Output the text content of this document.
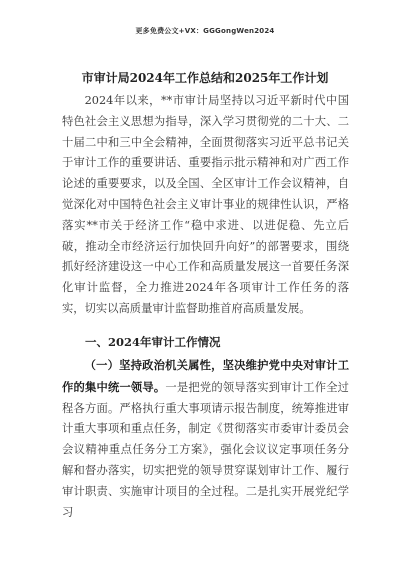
更多免费公文+VX：GGGongWen2024
市审计局2024年工作总结和2025年工作计划
2024年以来，**市审计局坚持以习近平新时代中国特色社会主义思想为指导，深入学习贯彻党的二十大、二十届二中和三中全会精神，全面贯彻落实习近平总书记关于审计工作的重要讲话、重要指示批示精神和对广西工作论述的重要要求，以及全国、全区审计工作会议精神，自觉深化对中国特色社会主义审计事业的规律性认识，严格落实**市关于经济工作“稳中求进、以进促稳、先立后破，推动全市经济运行加快回升向好”的部署要求，围绕抓好经济建设这一中心工作和高质量发展这一首要任务深化审计监督，全力推进2024年各项审计工作任务的落实，切实以高质量审计监督助推首府高质量发展。
一、2024年审计工作情况
（一）坚持政治机关属性，坚决维护党中央对审计工作的集中统一领导。一是把党的领导落实到审计工作全过程各方面。严格执行重大事项请示报告制度，统筹推进审计重大事项和重点任务，制定《贯彻落实市委审计委员会会议精神重点任务分工方案》，强化会议议定事项任务分解和督办落实，切实把党的领导贯穿谋划审计工作、履行审计职责、实施审计项目的全过程。二是扎实开展党纪学习
